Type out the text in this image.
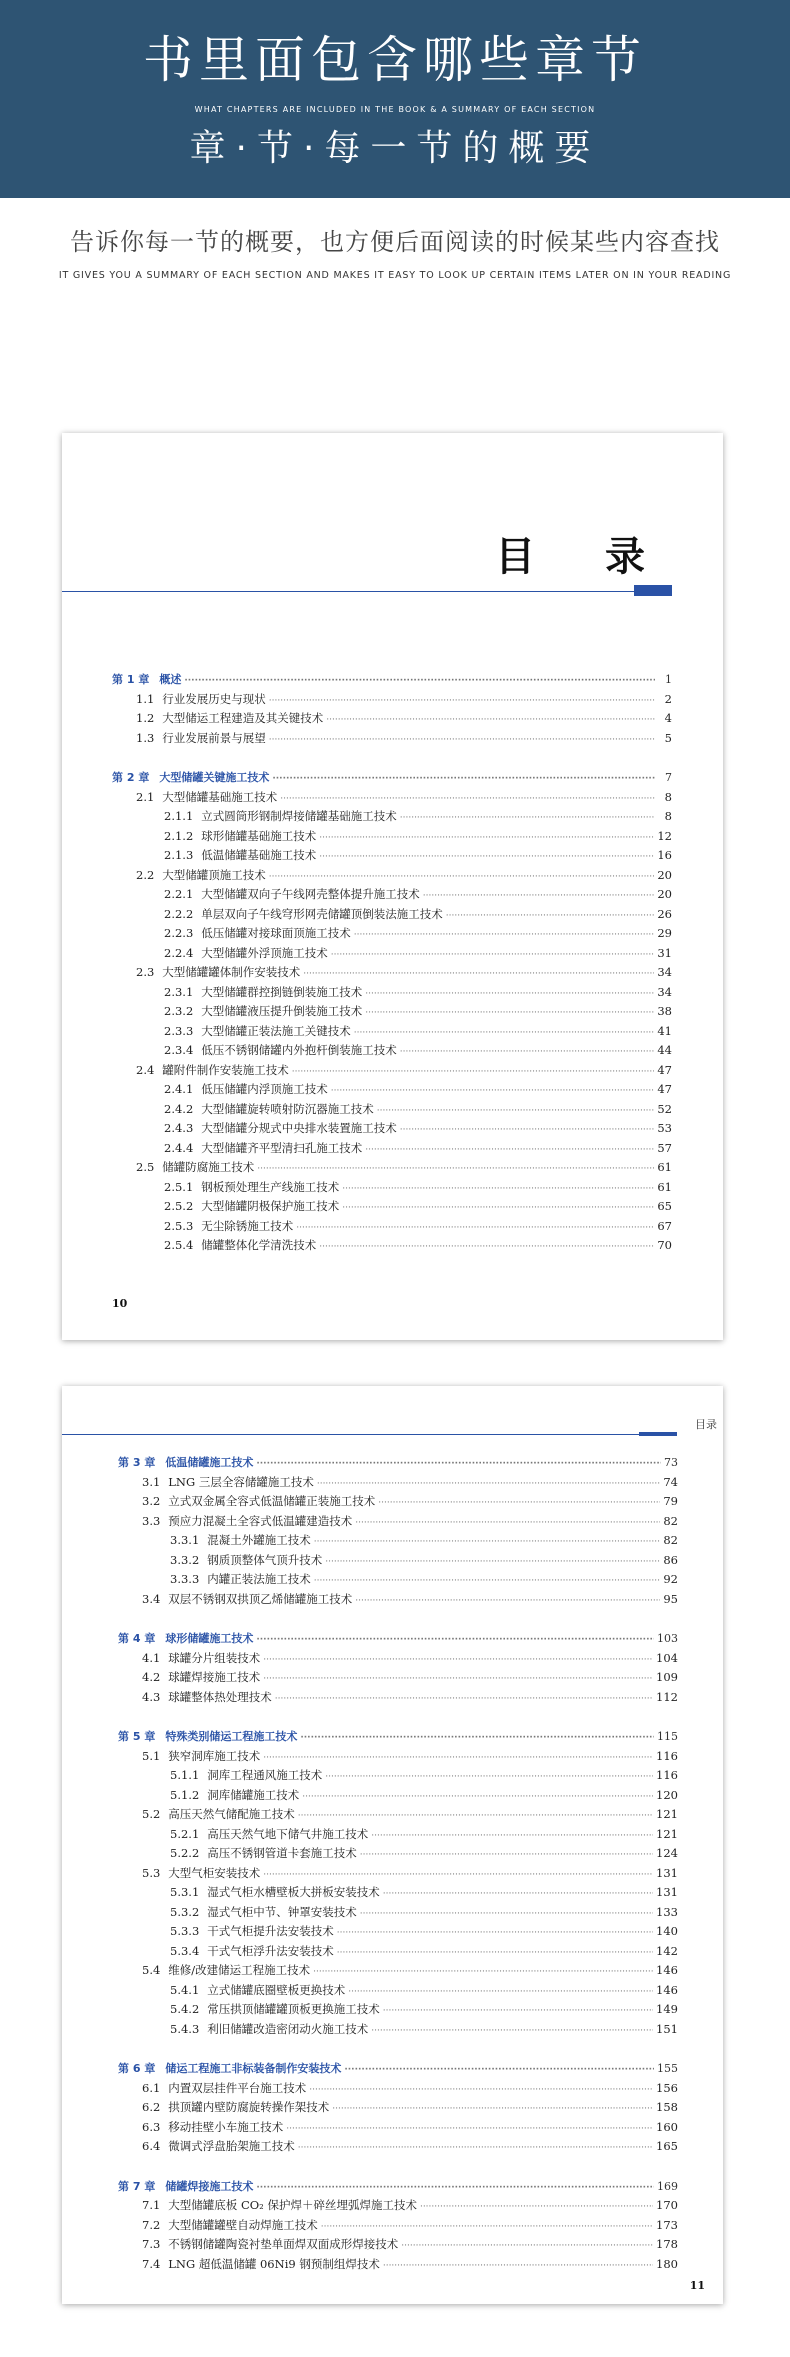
书里面包含哪些章节
WHAT CHAPTERS ARE INCLUDED IN THE BOOK & A SUMMARY OF EACH SECTION
章·节·每一节的概要
告诉你每一节的概要，也方便后面阅读的时候某些内容查找
IT GIVES YOU A SUMMARY OF EACH SECTION AND MAKES IT EASY TO LOOK UP CERTAIN ITEMS LATER ON IN YOUR READING
目 录
第 1 章 概述 ·····	1
1.1 行业发展历史与现状 ·····	2
1.2 大型储运工程建造及其关键技术 ·····	4
1.3 行业发展前景与展望 ·····	5
第 2 章 大型储罐关键施工技术 ·····	7
2.1 大型储罐基础施工技术 ·····	8
2.1.1 立式圆筒形钢制焊接储罐基础施工技术 ·····	8
2.1.2 球形储罐基础施工技术 ·····	12
2.1.3 低温储罐基础施工技术 ·····	16
2.2 大型储罐顶施工技术 ·····	20
2.2.1 大型储罐双向子午线网壳整体提升施工技术 ·····	20
2.2.2 单层双向子午线穹形网壳储罐顶倒装法施工技术 ·····	26
2.2.3 低压储罐对接球面顶施工技术 ·····	29
2.2.4 大型储罐外浮顶施工技术 ·····	31
2.3 大型储罐罐体制作安装技术 ·····	34
2.3.1 大型储罐群控捯链倒装施工技术 ·····	34
2.3.2 大型储罐液压提升倒装施工技术 ·····	38
2.3.3 大型储罐正装法施工关键技术 ·····	41
2.3.4 低压不锈钢储罐内外抱杆倒装施工技术 ·····	44
2.4 罐附件制作安装施工技术 ·····	47
2.4.1 低压储罐内浮顶施工技术 ·····	47
2.4.2 大型储罐旋转喷射防沉器施工技术 ·····	52
2.4.3 大型储罐分规式中央排水装置施工技术 ·····	53
2.4.4 大型储罐齐平型清扫孔施工技术 ·····	57
2.5 储罐防腐施工技术 ·····	61
2.5.1 钢板预处理生产线施工技术 ·····	61
2.5.2 大型储罐阴极保护施工技术 ·····	65
2.5.3 无尘除锈施工技术 ·····	67
2.5.4 储罐整体化学清洗技术 ·····	70
10
目录
第 3 章 低温储罐施工技术 ·····	73
3.1 LNG 三层全容储罐施工技术 ·····	74
3.2 立式双金属全容式低温储罐正装施工技术 ·····	79
3.3 预应力混凝土全容式低温罐建造技术 ·····	82
3.3.1 混凝土外罐施工技术 ·····	82
3.3.2 钢质顶整体气顶升技术 ·····	86
3.3.3 内罐正装法施工技术 ·····	92
3.4 双层不锈钢双拱顶乙烯储罐施工技术 ·····	95
第 4 章 球形储罐施工技术 ·····	103
4.1 球罐分片组装技术 ·····	104
4.2 球罐焊接施工技术 ·····	109
4.3 球罐整体热处理技术 ·····	112
第 5 章 特殊类别储运工程施工技术 ·····	115
5.1 狭窄洞库施工技术 ·····	116
5.1.1 洞库工程通风施工技术 ·····	116
5.1.2 洞库储罐施工技术 ·····	120
5.2 高压天然气储配施工技术 ·····	121
5.2.1 高压天然气地下储气井施工技术 ·····	121
5.2.2 高压不锈钢管道卡套施工技术 ·····	124
5.3 大型气柜安装技术 ·····	131
5.3.1 湿式气柜水槽壁板大拼板安装技术 ·····	131
5.3.2 湿式气柜中节、钟罩安装技术 ·····	133
5.3.3 干式气柜提升法安装技术 ·····	140
5.3.4 干式气柜浮升法安装技术 ·····	142
5.4 维修/改建储运工程施工技术 ·····	146
5.4.1 立式储罐底圈壁板更换技术 ·····	146
5.4.2 常压拱顶储罐罐顶板更换施工技术 ·····	149
5.4.3 利旧储罐改造密闭动火施工技术 ·····	151
第 6 章 储运工程施工非标装备制作安装技术 ·····	155
6.1 内置双层挂件平台施工技术 ·····	156
6.2 拱顶罐内壁防腐旋转操作架技术 ·····	158
6.3 移动挂壁小车施工技术 ·····	160
6.4 微调式浮盘胎架施工技术 ·····	165
第 7 章 储罐焊接施工技术 ·····	169
7.1 大型储罐底板 CO₂ 保护焊＋碎丝埋弧焊施工技术 ·····	170
7.2 大型储罐罐壁自动焊施工技术 ·····	173
7.3 不锈钢储罐陶瓷衬垫单面焊双面成形焊接技术 ·····	178
7.4 LNG 超低温储罐 06Ni9 钢预制组焊技术 ·····	180
11
